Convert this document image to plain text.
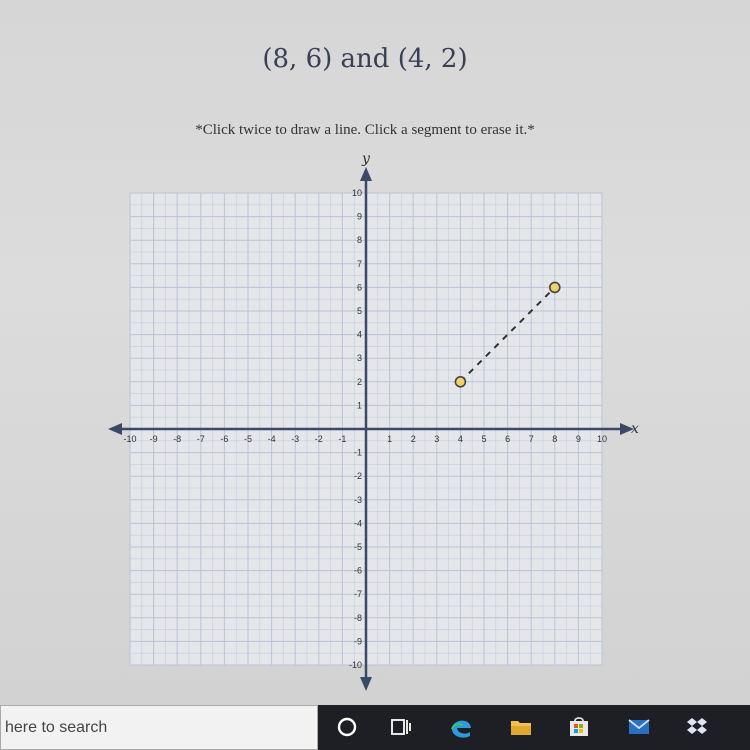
(8, 6) and (4, 2)
*Click twice to draw a line. Click a segment to erase it.*
x
y
-10 -9 -8 -7 -6 -5 -4 -3 -2 -1	1 2 3 4 5 6 7 8 9 10
10
9
8
7
6
5
4
3
2
1
-1
-2
-3
-4
-5
-6
-7
-8
-9
-10
here to search
